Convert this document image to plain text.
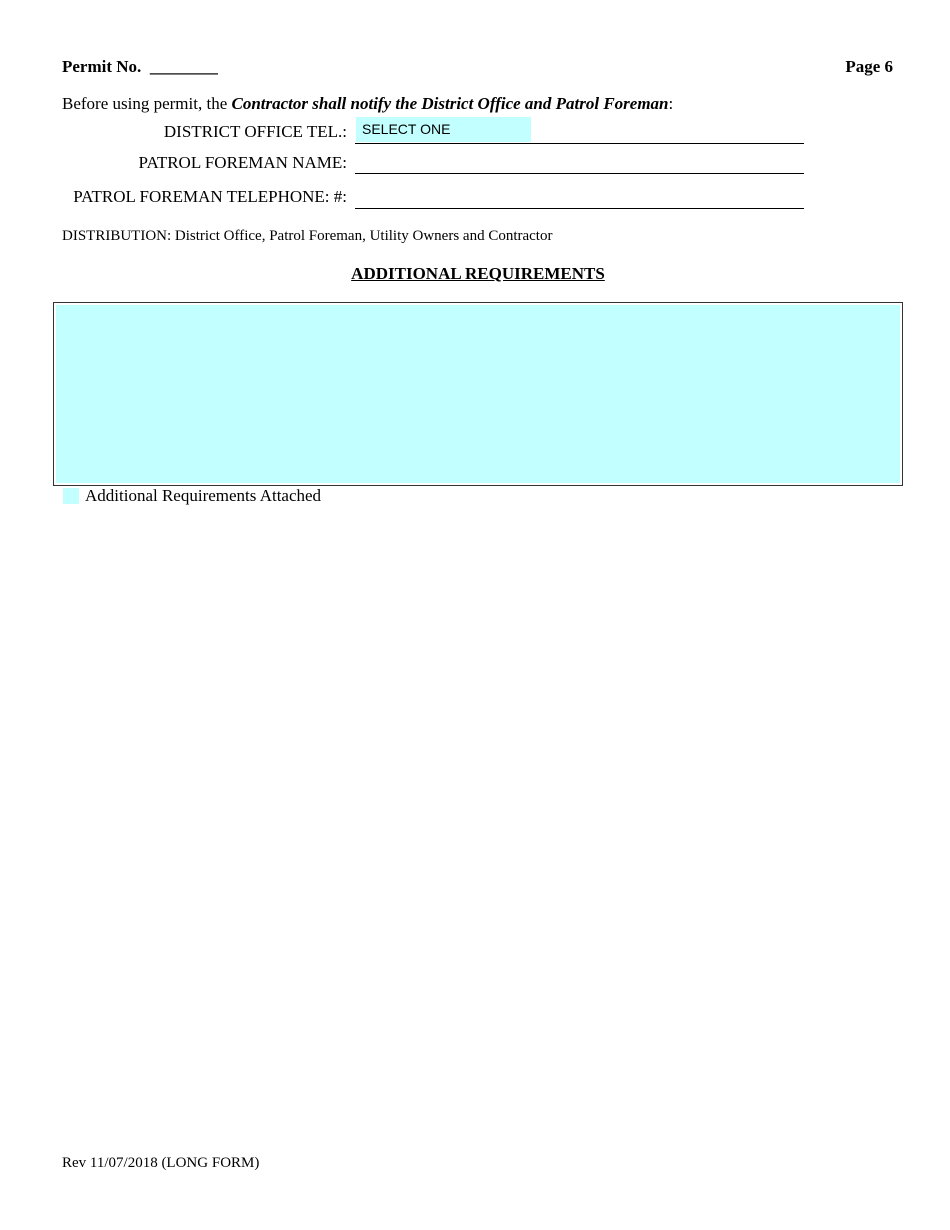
Permit No. ________	Page 6
Before using permit, the Contractor shall notify the District Office and Patrol Foreman:
DISTRICT OFFICE TEL.:	SELECT ONE
PATROL FOREMAN NAME:
PATROL FOREMAN TELEPHONE: #:
DISTRIBUTION: District Office, Patrol Foreman, Utility Owners and Contractor
ADDITIONAL REQUIREMENTS
Additional Requirements Attached
Rev 11/07/2018 (LONG FORM)
